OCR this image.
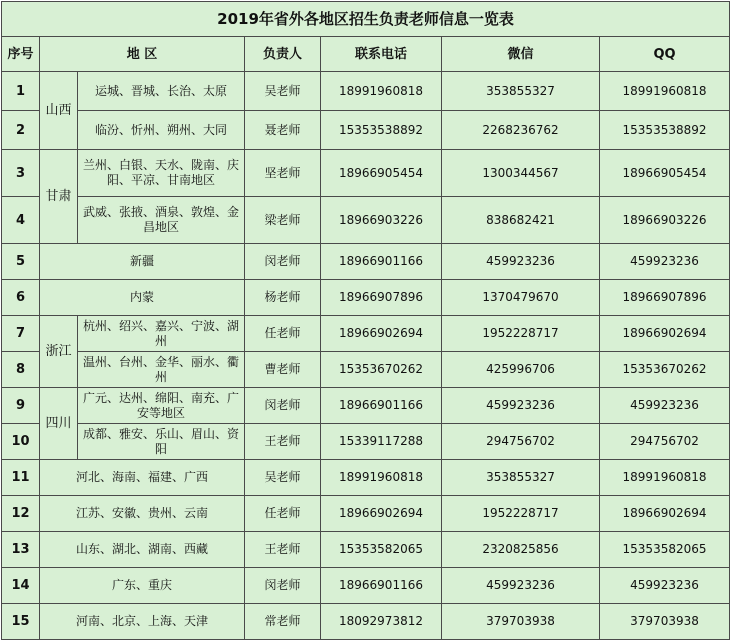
2019年省外各地区招生负责老师信息一览表						
序号	地 区		负责人	联系电话	微信	QQ
1	山西	运城、晋城、长治、太原	吴老师	18991960818	353855327	18991960818
2		临汾、忻州、朔州、大同	聂老师	15353538892	2268236762	15353538892
3	甘肃	兰州、白银、天水、陇南、庆阳、平凉、甘南地区	坚老师	18966905454	1300344567	18966905454
4		武威、张掖、酒泉、敦煌、金昌地区	梁老师	18966903226	838682421	18966903226
5	新疆		闵老师	18966901166	459923236	459923236
6	内蒙		杨老师	18966907896	1370479670	18966907896
7	浙江	杭州、绍兴、嘉兴、宁波、湖州	任老师	18966902694	1952228717	18966902694
8		温州、台州、金华、丽水、衢州	曹老师	15353670262	425996706	15353670262
9	四川	广元、达州、绵阳、南充、广安等地区	闵老师	18966901166	459923236	459923236
10		成都、雅安、乐山、眉山、资阳	王老师	15339117288	294756702	294756702
11	河北、海南、福建、广西		吴老师	18991960818	353855327	18991960818
12	江苏、安徽、贵州、云南		任老师	18966902694	1952228717	18966902694
13	山东、湖北、湖南、西藏		王老师	15353582065	2320825856	15353582065
14	广东、重庆		闵老师	18966901166	459923236	459923236
15	河南、北京、上海、天津		常老师	18092973812	379703938	379703938
